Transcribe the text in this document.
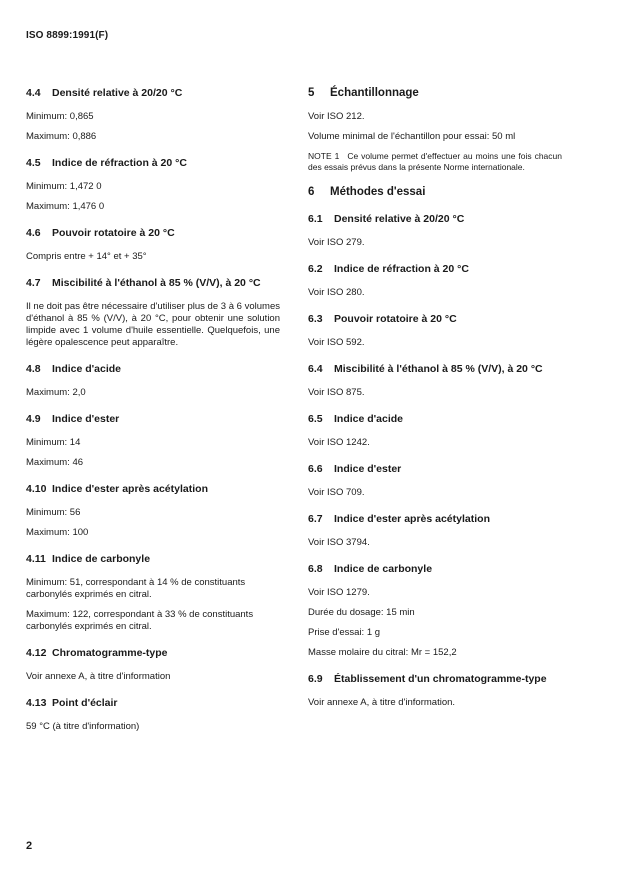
ISO 8899:1991(F)
4.4 Densité relative à 20/20 °C
Minimum: 0,865
Maximum: 0,886
4.5 Indice de réfraction à 20 °C
Minimum: 1,472 0
Maximum: 1,476 0
4.6 Pouvoir rotatoire à 20 °C
Compris entre + 14° et + 35°
4.7 Miscibilité à l'éthanol à 85 % (V/V), à 20 °C
Il ne doit pas être nécessaire d'utiliser plus de 3 à 6 volumes d'éthanol à 85 % (V/V), à 20 °C, pour obtenir une solution limpide avec 1 volume d'huile essentielle. Quelquefois, une légère opalescence peut apparaître.
4.8 Indice d'acide
Maximum: 2,0
4.9 Indice d'ester
Minimum: 14
Maximum: 46
4.10 Indice d'ester après acétylation
Minimum: 56
Maximum: 100
4.11 Indice de carbonyle
Minimum: 51, correspondant à 14 % de constituants carbonylés exprimés en citral.
Maximum: 122, correspondant à 33 % de constituants carbonylés exprimés en citral.
4.12 Chromatogramme-type
Voir annexe A, à titre d'information
4.13 Point d'éclair
59 °C (à titre d'information)
5 Échantillonnage
Voir ISO 212.
Volume minimal de l'échantillon pour essai: 50 ml
NOTE 1 Ce volume permet d'effectuer au moins une fois chacun des essais prévus dans la présente Norme internationale.
6 Méthodes d'essai
6.1 Densité relative à 20/20 °C
Voir ISO 279.
6.2 Indice de réfraction à 20 °C
Voir ISO 280.
6.3 Pouvoir rotatoire à 20 °C
Voir ISO 592.
6.4 Miscibilité à l'éthanol à 85 % (V/V), à 20 °C
Voir ISO 875.
6.5 Indice d'acide
Voir ISO 1242.
6.6 Indice d'ester
Voir ISO 709.
6.7 Indice d'ester après acétylation
Voir ISO 3794.
6.8 Indice de carbonyle
Voir ISO 1279.
Durée du dosage: 15 min
Prise d'essai: 1 g
Masse molaire du citral: Mr = 152,2
6.9 Établissement d'un chromatogramme-type
Voir annexe A, à titre d'information.
2
